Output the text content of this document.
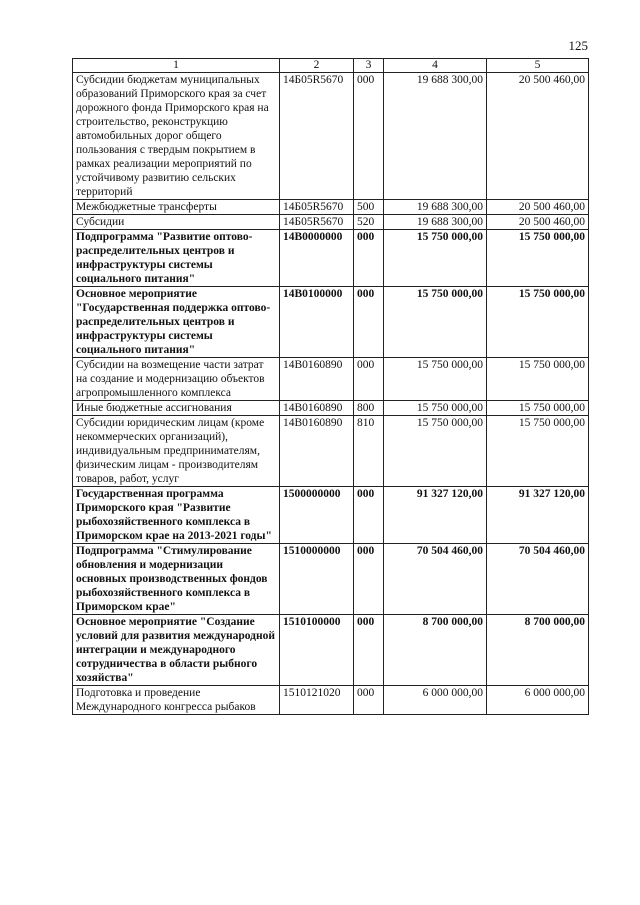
125
1	2	3	4	5
Субсидии бюджетам муниципальных образований Приморского края за счет дорожного фонда Приморского края на строительство, реконструкцию автомобильных дорог общего пользования с твердым покрытием в рамках реализации мероприятий по устойчивому развитию сельских территорий	14Б05R5670	000	19 688 300,00	20 500 460,00
Межбюджетные трансферты	14Б05R5670	500	19 688 300,00	20 500 460,00
Субсидии	14Б05R5670	520	19 688 300,00	20 500 460,00
Подпрограмма "Развитие оптово-распределительных центров и инфраструктуры системы социального питания"	14В0000000	000	15 750 000,00	15 750 000,00
Основное мероприятие "Государственная поддержка оптово-распределительных центров и инфраструктуры системы социального питания"	14В0100000	000	15 750 000,00	15 750 000,00
Субсидии на возмещение части затрат на создание и модернизацию объектов агропромышленного комплекса	14В0160890	000	15 750 000,00	15 750 000,00
Иные бюджетные ассигнования	14В0160890	800	15 750 000,00	15 750 000,00
Субсидии юридическим лицам (кроме некоммерческих организаций), индивидуальным предпринимателям, физическим лицам - производителям товаров, работ, услуг	14В0160890	810	15 750 000,00	15 750 000,00
Государственная программа Приморского края "Развитие рыбохозяйственного комплекса в Приморском крае на 2013-2021 годы"	1500000000	000	91 327 120,00	91 327 120,00
Подпрограмма "Стимулирование обновления и модернизации основных производственных фондов рыбохозяйственного комплекса в Приморском крае"	1510000000	000	70 504 460,00	70 504 460,00
Основное мероприятие "Создание условий для развития международной интеграции и международного сотрудничества в области рыбного хозяйства"	1510100000	000	8 700 000,00	8 700 000,00
Подготовка и проведение Международного конгресса рыбаков	1510121020	000	6 000 000,00	6 000 000,00
